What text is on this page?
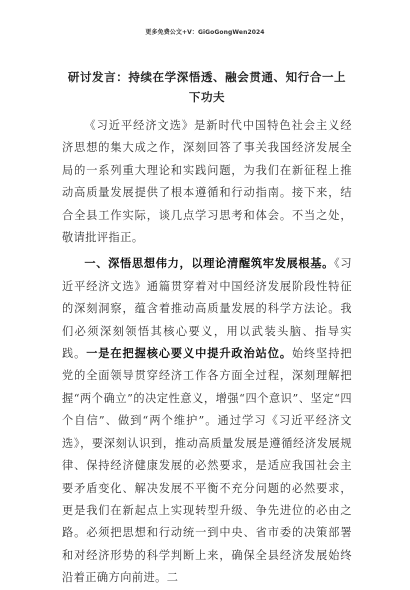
更多免费公文+V：GiGoGongWen2024
研讨发言：持续在学深悟透、融会贯通、知行合一上下功夫

《习近平经济文选》是新时代中国特色社会主义经济思想的集大成之作，深刻回答了事关我国经济发展全局的一系列重大理论和实践问题，为我们在新征程上推动高质量发展提供了根本遵循和行动指南。接下来，结合全县工作实际，谈几点学习思考和体会。不当之处，敬请批评指正。

一、深悟思想伟力，以理论清醒筑牢发展根基。《习近平经济文选》通篇贯穿着对中国经济发展阶段性特征的深刻洞察，蕴含着推动高质量发展的科学方法论。我们必须深刻领悟其核心要义，用以武装头脑、指导实践。一是在把握核心要义中提升政治站位。始终坚持把党的全面领导贯穿经济工作各方面全过程，深刻理解把握“两个确立”的决定性意义，增强“四个意识”、坚定“四个自信”、做到“两个维护”。通过学习《习近平经济文选》，要深刻认识到，推动高质量发展是遵循经济发展规律、保持经济健康发展的必然要求，是适应我国社会主要矛盾变化、解决发展不平衡不充分问题的必然要求，更是我们在新起点上实现转型升级、争先进位的必由之路。必须把思想和行动统一到中央、省市委的决策部署和对经济形势的科学判断上来，确保全县经济发展始终沿着正确方向前进。二
